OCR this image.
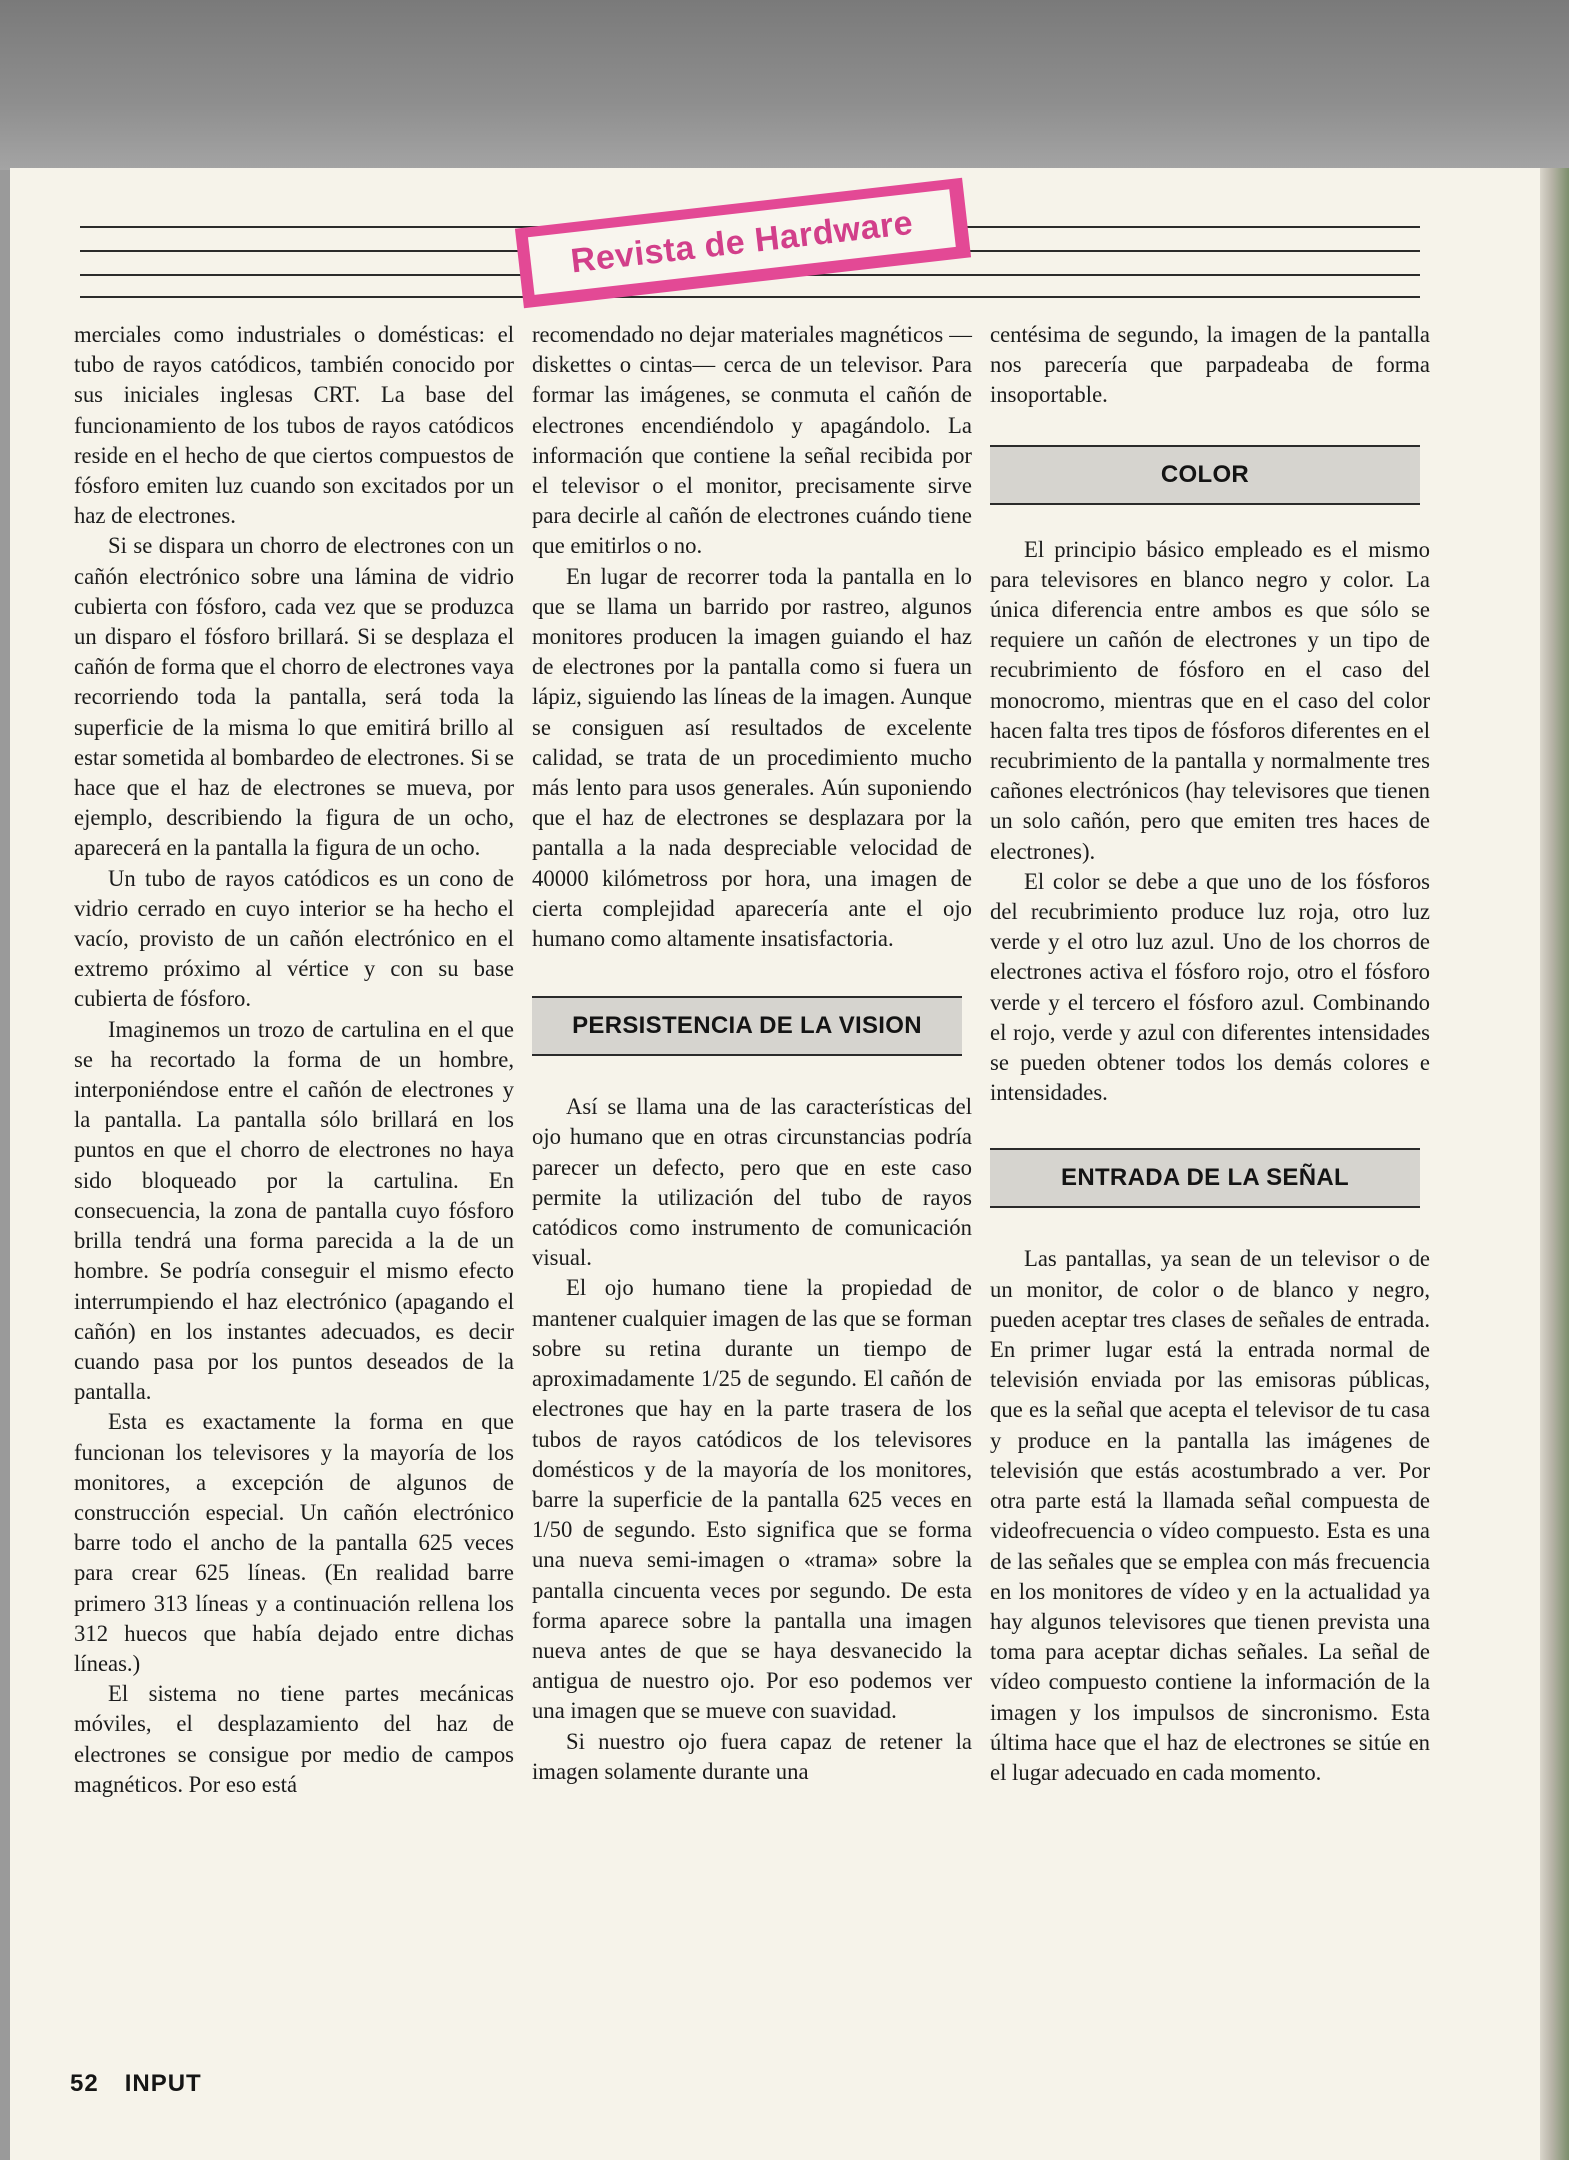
Revista de Hardware

merciales como industriales o domésticas: el tubo de rayos catódicos, también conocido por sus iniciales inglesas CRT. La base del funcionamiento de los tubos de rayos catódicos reside en el hecho de que ciertos compuestos de fósforo emiten luz cuando son excitados por un haz de electrones.

Si se dispara un chorro de electrones con un cañón electrónico sobre una lámina de vidrio cubierta con fósforo, cada vez que se produzca un disparo el fósforo brillará. Si se desplaza el cañón de forma que el chorro de electrones vaya recorriendo toda la pantalla, será toda la superficie de la misma lo que emitirá brillo al estar sometida al bombardeo de electrones. Si se hace que el haz de electrones se mueva, por ejemplo, describiendo la figura de un ocho, aparecerá en la pantalla la figura de un ocho.

Un tubo de rayos catódicos es un cono de vidrio cerrado en cuyo interior se ha hecho el vacío, provisto de un cañón electrónico en el extremo próximo al vértice y con su base cubierta de fósforo.

Imaginemos un trozo de cartulina en el que se ha recortado la forma de un hombre, interponiéndose entre el cañón de electrones y la pantalla. La pantalla sólo brillará en los puntos en que el chorro de electrones no haya sido bloqueado por la cartulina. En consecuencia, la zona de pantalla cuyo fósforo brilla tendrá una forma parecida a la de un hombre. Se podría conseguir el mismo efecto interrumpiendo el haz electrónico (apagando el cañón) en los instantes adecuados, es decir cuando pasa por los puntos deseados de la pantalla.

Esta es exactamente la forma en que funcionan los televisores y la mayoría de los monitores, a excepción de algunos de construcción especial. Un cañón electrónico barre todo el ancho de la pantalla 625 veces para crear 625 líneas. (En realidad barre primero 313 líneas y a continuación rellena los 312 huecos que había dejado entre dichas líneas.)

El sistema no tiene partes mecánicas móviles, el desplazamiento del haz de electrones se consigue por medio de campos magnéticos. Por eso está

recomendado no dejar materiales magnéticos —diskettes o cintas— cerca de un televisor. Para formar las imágenes, se conmuta el cañón de electrones encendiéndolo y apagándolo. La información que contiene la señal recibida por el televisor o el monitor, precisamente sirve para decirle al cañón de electrones cuándo tiene que emitirlos o no.

En lugar de recorrer toda la pantalla en lo que se llama un barrido por rastreo, algunos monitores producen la imagen guiando el haz de electrones por la pantalla como si fuera un lápiz, siguiendo las líneas de la imagen. Aunque se consiguen así resultados de excelente calidad, se trata de un procedimiento mucho más lento para usos generales. Aún suponiendo que el haz de electrones se desplazara por la pantalla a la nada despreciable velocidad de 40000 kilómetross por hora, una imagen de cierta complejidad aparecería ante el ojo humano como altamente insatisfactoria.

PERSISTENCIA DE LA VISION

Así se llama una de las características del ojo humano que en otras circunstancias podría parecer un defecto, pero que en este caso permite la utilización del tubo de rayos catódicos como instrumento de comunicación visual.

El ojo humano tiene la propiedad de mantener cualquier imagen de las que se forman sobre su retina durante un tiempo de aproximadamente 1/25 de segundo. El cañón de electrones que hay en la parte trasera de los tubos de rayos catódicos de los televisores domésticos y de la mayoría de los monitores, barre la superficie de la pantalla 625 veces en 1/50 de segundo. Esto significa que se forma una nueva semi-imagen o «trama» sobre la pantalla cincuenta veces por segundo. De esta forma aparece sobre la pantalla una imagen nueva antes de que se haya desvanecido la antigua de nuestro ojo. Por eso podemos ver una imagen que se mueve con suavidad.

Si nuestro ojo fuera capaz de retener la imagen solamente durante una

centésima de segundo, la imagen de la pantalla nos parecería que parpadeaba de forma insoportable.

COLOR

El principio básico empleado es el mismo para televisores en blanco negro y color. La única diferencia entre ambos es que sólo se requiere un cañón de electrones y un tipo de recubrimiento de fósforo en el caso del monocromo, mientras que en el caso del color hacen falta tres tipos de fósforos diferentes en el recubrimiento de la pantalla y normalmente tres cañones electrónicos (hay televisores que tienen un solo cañón, pero que emiten tres haces de electrones).

El color se debe a que uno de los fósforos del recubrimiento produce luz roja, otro luz verde y el otro luz azul. Uno de los chorros de electrones activa el fósforo rojo, otro el fósforo verde y el tercero el fósforo azul. Combinando el rojo, verde y azul con diferentes intensidades se pueden obtener todos los demás colores e intensidades.

ENTRADA DE LA SEÑAL

Las pantallas, ya sean de un televisor o de un monitor, de color o de blanco y negro, pueden aceptar tres clases de señales de entrada. En primer lugar está la entrada normal de televisión enviada por las emisoras públicas, que es la señal que acepta el televisor de tu casa y produce en la pantalla las imágenes de televisión que estás acostumbrado a ver. Por otra parte está la llamada señal compuesta de videofrecuencia o vídeo compuesto. Esta es una de las señales que se emplea con más frecuencia en los monitores de vídeo y en la actualidad ya hay algunos televisores que tienen prevista una toma para aceptar dichas señales. La señal de vídeo compuesto contiene la información de la imagen y los impulsos de sincronismo. Esta última hace que el haz de electrones se sitúe en el lugar adecuado en cada momento.

52 INPUT
